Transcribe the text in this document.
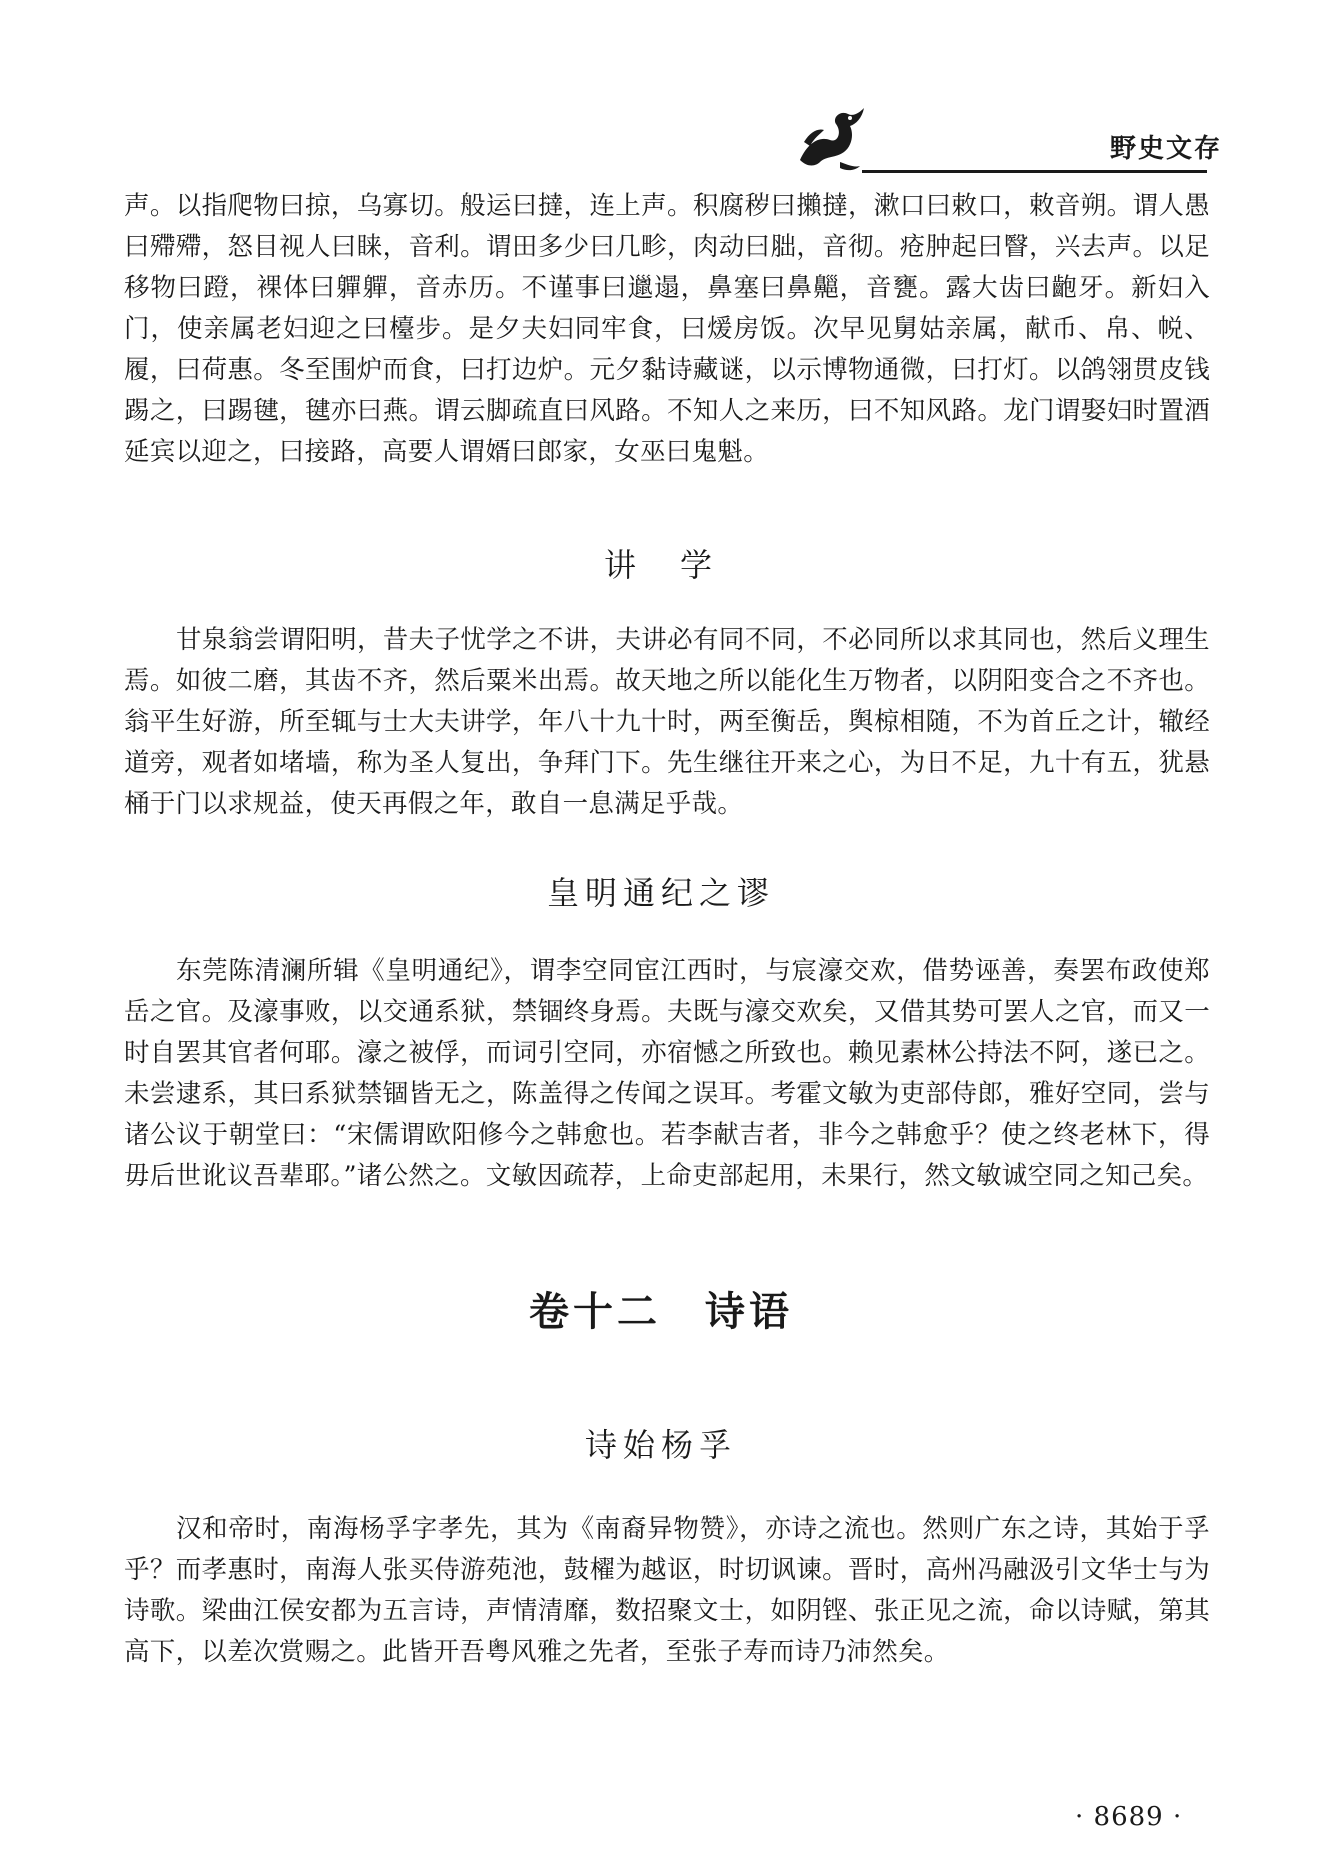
野史文存

声。以指爬物曰掠，乌寡切。般运曰撻，连上声。积腐秽曰攋撻，漱口曰敕口，敕音朔。谓人愚曰殢殢，怒目视人曰睐，音利。谓田多少曰几畛，肉动曰胐，音彻。疮肿起曰瞖，兴去声。以足移物曰蹬，裸体曰軃軃，音赤历。不谨事曰邋遢，鼻塞曰鼻齆，音甕。露大齿曰齙牙。新妇入门，使亲属老妇迎之曰檯步。是夕夫妇同牢食，曰煖房饭。次早见舅姑亲属，献币、帛、帨、履，曰荷惠。冬至围炉而食，曰打边炉。元夕黏诗藏谜，以示博物通微，曰打灯。以鸽翎贯皮钱踢之，曰踢毽，毽亦曰燕。谓云脚疏直曰风路。不知人之来历，曰不知风路。龙门谓娶妇时置酒延宾以迎之，曰接路，高要人谓婿曰郎家，女巫曰鬼魁。

讲　学

甘泉翁尝谓阳明，昔夫子忧学之不讲，夫讲必有同不同，不必同所以求其同也，然后义理生焉。如彼二磨，其齿不齐，然后粟米出焉。故天地之所以能化生万物者，以阴阳变合之不齐也。翁平生好游，所至辄与士大夫讲学，年八十九十时，两至衡岳，舆椋相随，不为首丘之计，辙经道旁，观者如堵墙，称为圣人复出，争拜门下。先生继往开来之心，为日不足，九十有五，犹悬桶于门以求规益，使天再假之年，敢自一息满足乎哉。

皇明通纪之谬

东莞陈清澜所辑《皇明通纪》，谓李空同宦江西时，与宸濠交欢，借势诬善，奏罢布政使郑岳之官。及濠事败，以交通系狱，禁锢终身焉。夫既与濠交欢矣，又借其势可罢人之官，而又一时自罢其官者何耶。濠之被俘，而词引空同，亦宿憾之所致也。赖见素林公持法不阿，遂已之。未尝逮系，其曰系狱禁锢皆无之，陈盖得之传闻之误耳。考霍文敏为吏部侍郎，雅好空同，尝与诸公议于朝堂曰：“宋儒谓欧阳修今之韩愈也。若李献吉者，非今之韩愈乎？使之终老林下，得毋后世讹议吾辈耶。”诸公然之。文敏因疏荐，上命吏部起用，未果行，然文敏诚空同之知己矣。

卷十二　诗语
诗始杨孚

汉和帝时，南海杨孚字孝先，其为《南裔异物赞》，亦诗之流也。然则广东之诗，其始于孚乎？而孝惠时，南海人张买侍游苑池，鼓櫂为越讴，时切讽谏。晋时，高州冯融汲引文华士与为诗歌。梁曲江侯安都为五言诗，声情清靡，数招聚文士，如阴铿、张正见之流，命以诗赋，第其高下，以差次赏赐之。此皆开吾粤风雅之先者，至张子寿而诗乃沛然矣。

· 8689 ·
